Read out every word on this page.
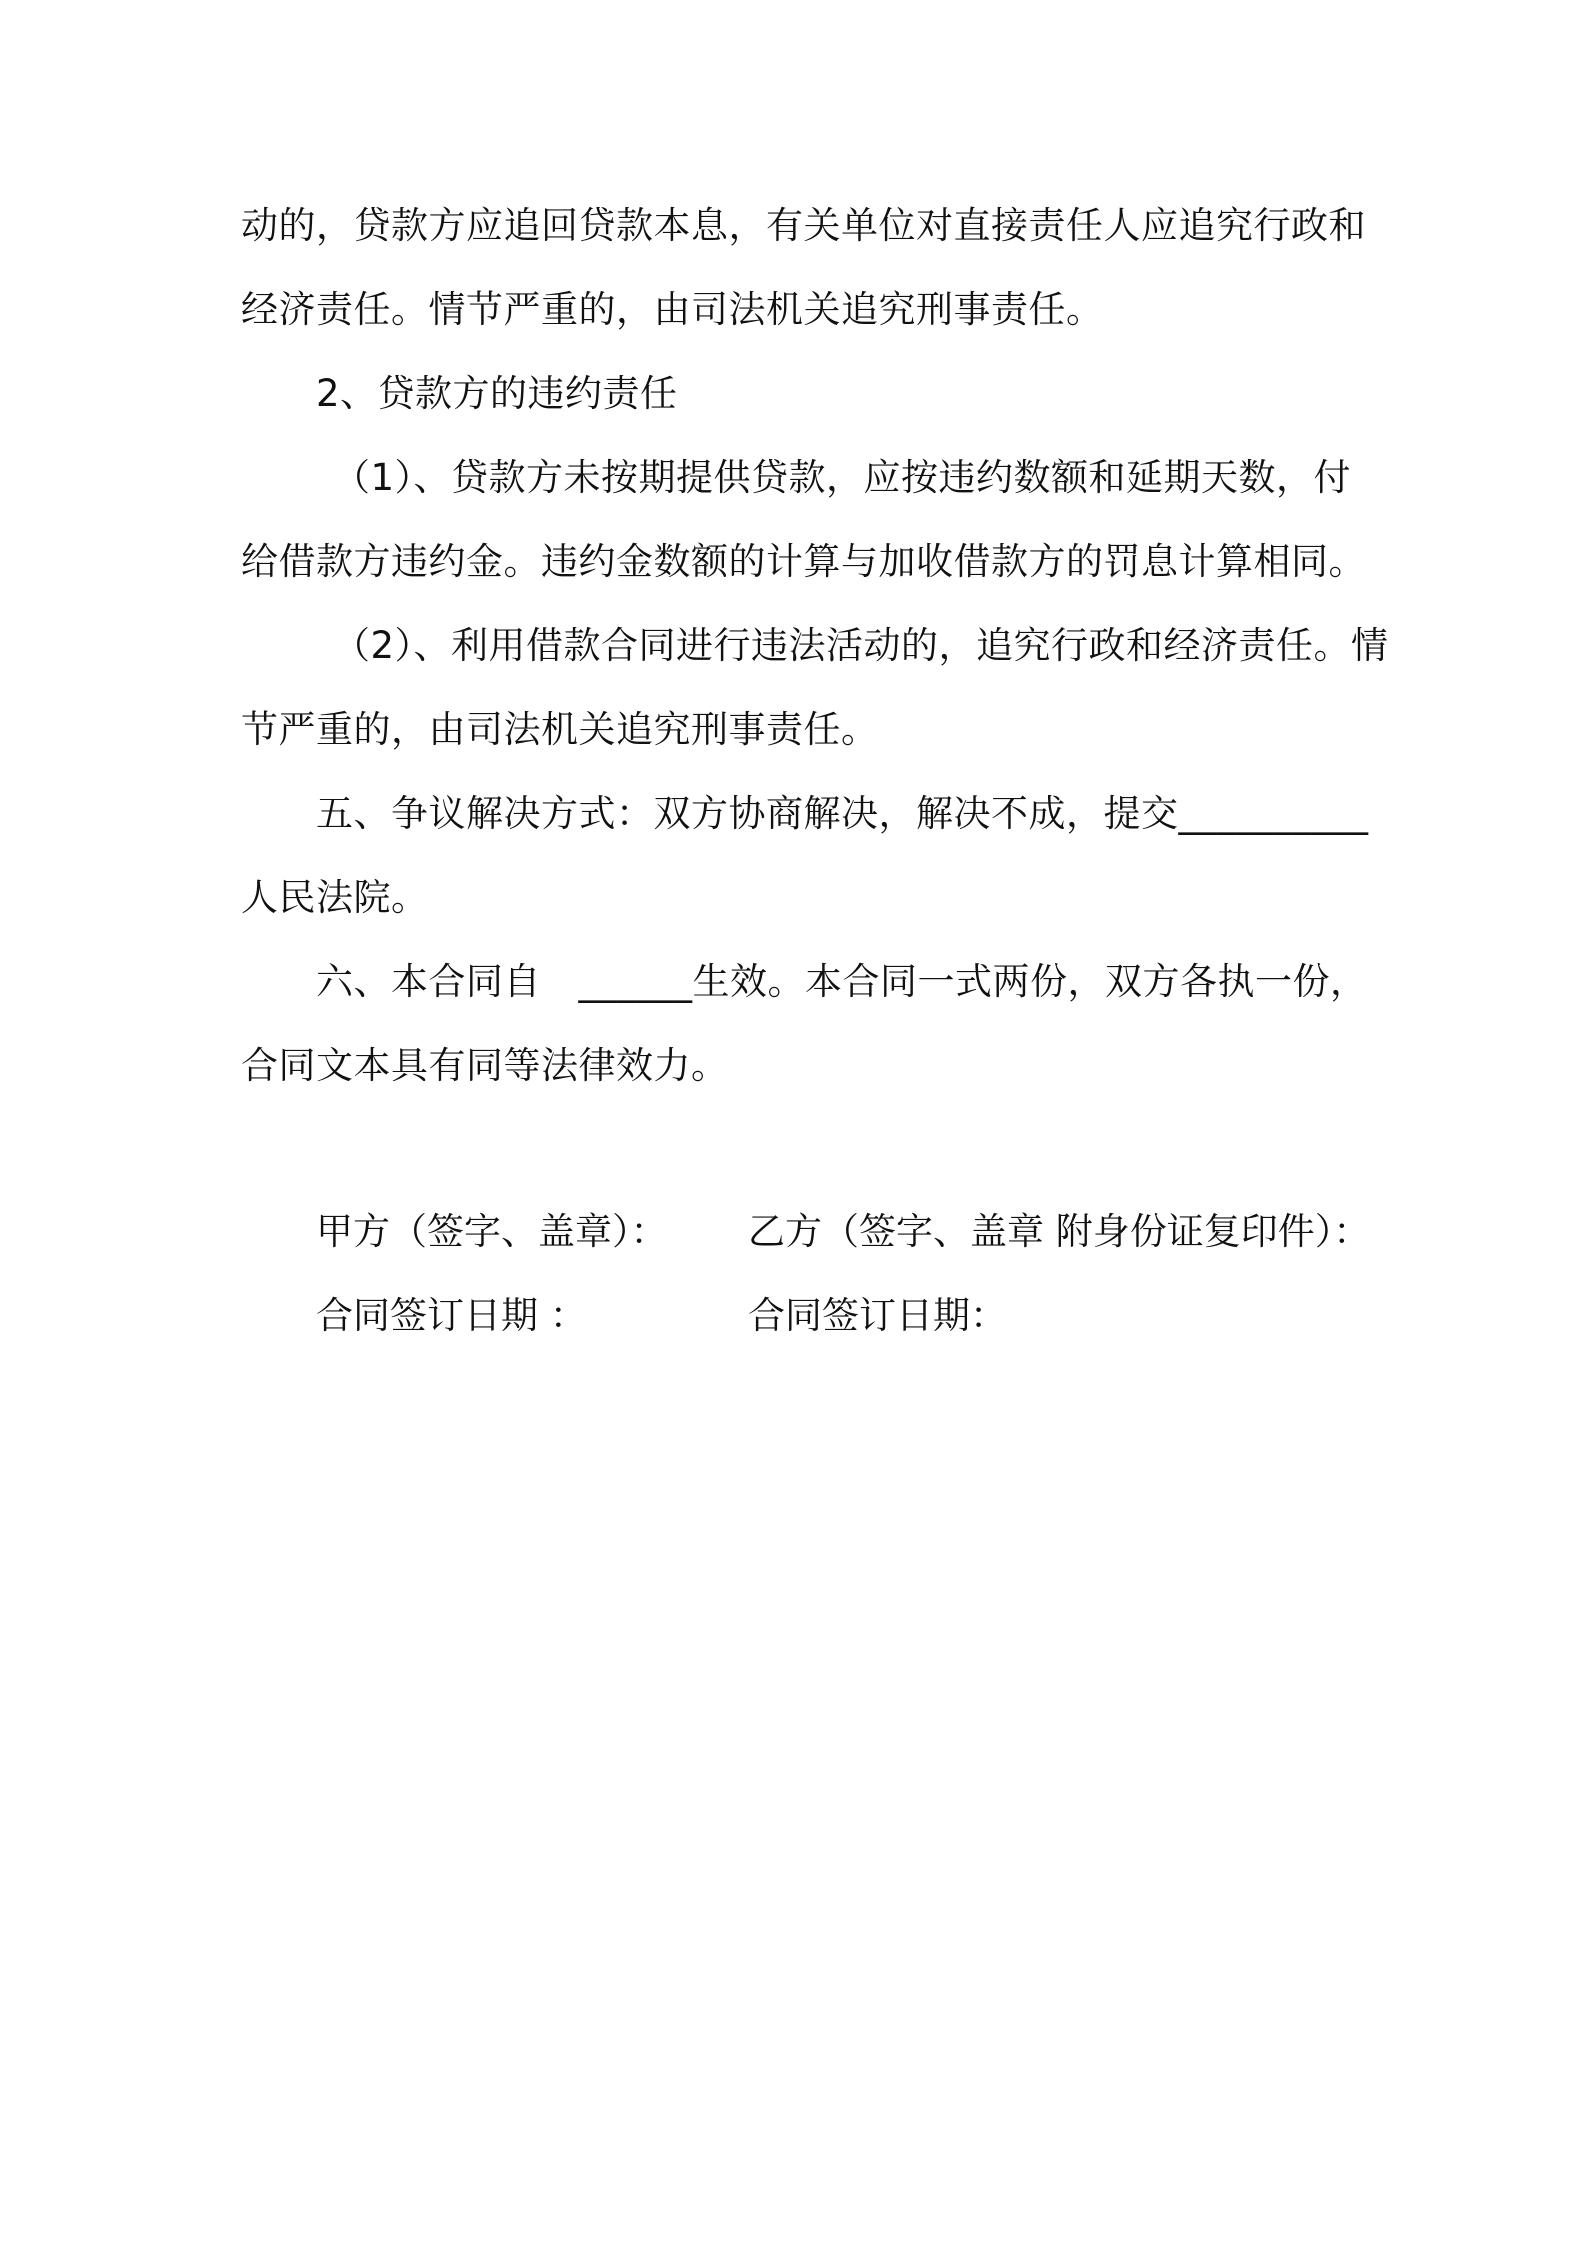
动的，贷款方应追回贷款本息，有关单位对直接责任人应追究行政和
经济责任。情节严重的，由司法机关追究刑事责任。
2、贷款方的违约责任
（1）、贷款方未按期提供贷款，应按违约数额和延期天数，付
给借款方违约金。违约金数额的计算与加收借款方的罚息计算相同。
（2）、利用借款合同进行违法活动的，追究行政和经济责任。情
节严重的，由司法机关追究刑事责任。
五、争议解决方式：双方协商解决，解决不成，提交__________
人民法院。
六、本合同自　______生效。本合同一式两份，双方各执一份，
合同文本具有同等法律效力。
甲方（签字、盖章）： 乙方（签字、盖章 附身份证复印件）：
合同签订日期 ：	合同签订日期：
